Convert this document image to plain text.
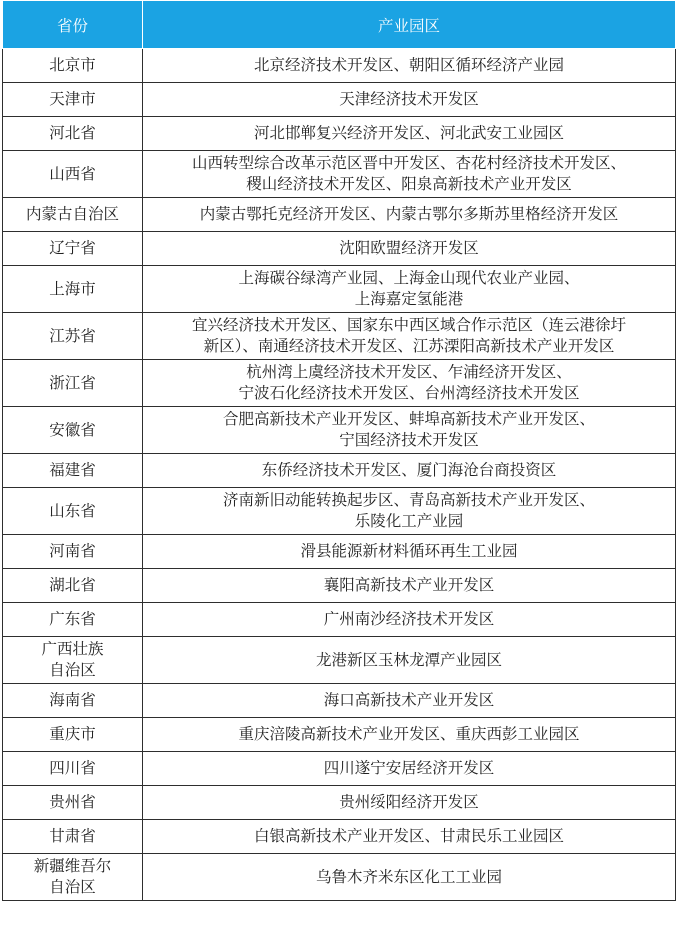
省份	产业园区
北京市	北京经济技术开发区、朝阳区循环经济产业园
天津市	天津经济技术开发区
河北省	河北邯郸复兴经济开发区、河北武安工业园区
山西省	山西转型综合改革示范区晋中开发区、杏花村经济技术开发区、
稷山经济技术开发区、阳泉高新技术产业开发区
内蒙古自治区	内蒙古鄂托克经济开发区、内蒙古鄂尔多斯苏里格经济开发区
辽宁省	沈阳欧盟经济开发区
上海市	上海碳谷绿湾产业园、上海金山现代农业产业园、
上海嘉定氢能港
江苏省	宜兴经济技术开发区、国家东中西区域合作示范区（连云港徐圩
新区）、南通经济技术开发区、江苏溧阳高新技术产业开发区
浙江省	杭州湾上虞经济技术开发区、乍浦经济开发区、
宁波石化经济技术开发区、台州湾经济技术开发区
安徽省	合肥高新技术产业开发区、蚌埠高新技术产业开发区、
宁国经济技术开发区
福建省	东侨经济技术开发区、厦门海沧台商投资区
山东省	济南新旧动能转换起步区、青岛高新技术产业开发区、
乐陵化工产业园
河南省	滑县能源新材料循环再生工业园
湖北省	襄阳高新技术产业开发区
广东省	广州南沙经济技术开发区
广西壮族
自治区	龙港新区玉林龙潭产业园区
海南省	海口高新技术产业开发区
重庆市	重庆涪陵高新技术产业开发区、重庆西彭工业园区
四川省	四川遂宁安居经济开发区
贵州省	贵州绥阳经济开发区
甘肃省	白银高新技术产业开发区、甘肃民乐工业园区
新疆维吾尔
自治区	乌鲁木齐米东区化工工业园
